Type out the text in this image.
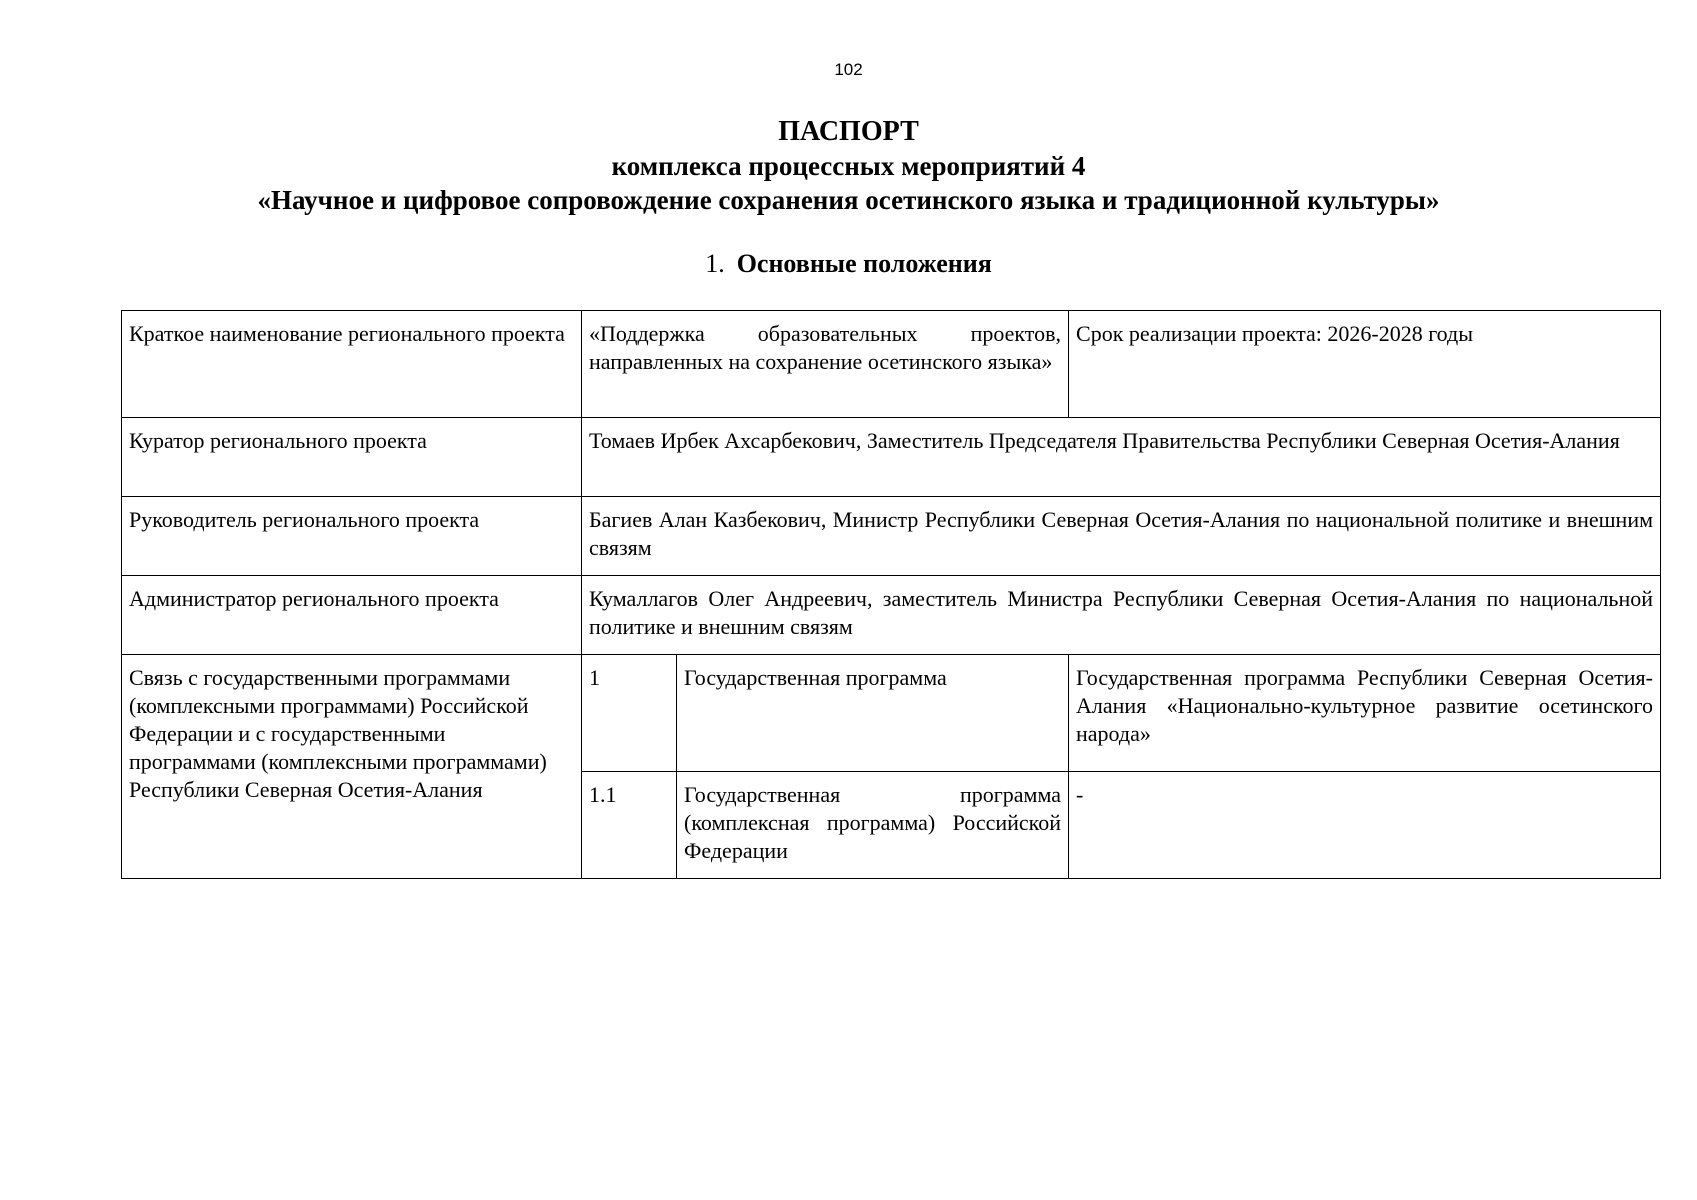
102
ПАСПОРТ
комплекса процессных мероприятий 4
«Научное и цифровое сопровождение сохранения осетинского языка и традиционной культуры»
1. Основные положения
Краткое наименование регионального проекта	«Поддержка образовательных проектов, направленных на сохранение осетинского языка»		Срок реализации проекта: 2026-2028 годы
Куратор регионального проекта	Томаев Ирбек Ахсарбекович, Заместитель Председателя Правительства Республики Северная Осетия-Алания		
Руководитель регионального проекта	Багиев Алан Казбекович, Министр Республики Северная Осетия-Алания по национальной политике и внешним связям		
Администратор регионального проекта	Кумаллагов Олег Андреевич, заместитель Министра Республики Северная Осетия-Алания по национальной политике и внешним связям		
Связь с государственными программами (комплексными программами) Российской Федерации и с государственными программами (комплексными программами) Республики Северная Осетия-Алания	1	Государственная программа	Государственная программа Республики Северная Осетия-Алания «Национально-культурное развитие осетинского народа»
	1.1	Государственная программа (комплексная программа) Российской Федерации	-
